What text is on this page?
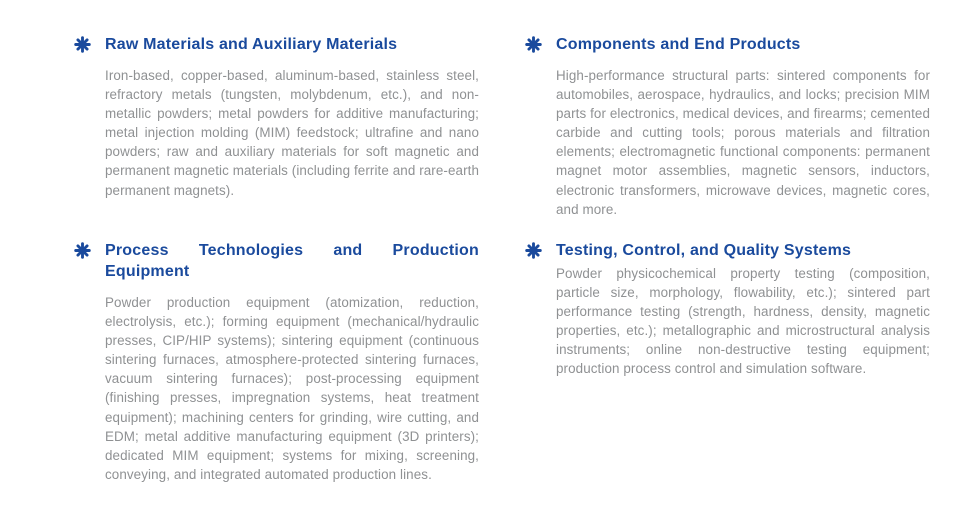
Raw Materials and Auxiliary Materials

Iron-based, copper-based, aluminum-based, stainless steel, refractory metals (tungsten, molybdenum, etc.), and non-metallic powders; metal powders for additive manufacturing; metal injection molding (MIM) feedstock; ultrafine and nano powders; raw and auxiliary materials for soft magnetic and permanent magnetic materials (including ferrite and rare-earth permanent magnets).

Components and End Products

High-performance structural parts: sintered components for automobiles, aerospace, hydraulics, and locks; precision MIM parts for electronics, medical devices, and firearms; cemented carbide and cutting tools; porous materials and filtration elements; electromagnetic functional components: permanent magnet motor assemblies, magnetic sensors, inductors, electronic transformers, microwave devices, magnetic cores, and more.

Process Technologies and Production Equipment

Powder production equipment (atomization, reduction, electrolysis, etc.); forming equipment (mechanical/hydraulic presses, CIP/HIP systems); sintering equipment (continuous sintering furnaces, atmosphere-protected sintering furnaces, vacuum sintering furnaces); post-processing equipment (finishing presses, impregnation systems, heat treatment equipment); machining centers for grinding, wire cutting, and EDM; metal additive manufacturing equipment (3D printers); dedicated MIM equipment; systems for mixing, screening, conveying, and integrated automated production lines.

Testing, Control, and Quality Systems

Powder physicochemical property testing (composition, particle size, morphology, flowability, etc.); sintered part performance testing (strength, hardness, density, magnetic properties, etc.); metallographic and microstructural analysis instruments; online non-destructive testing equipment; production process control and simulation software.
